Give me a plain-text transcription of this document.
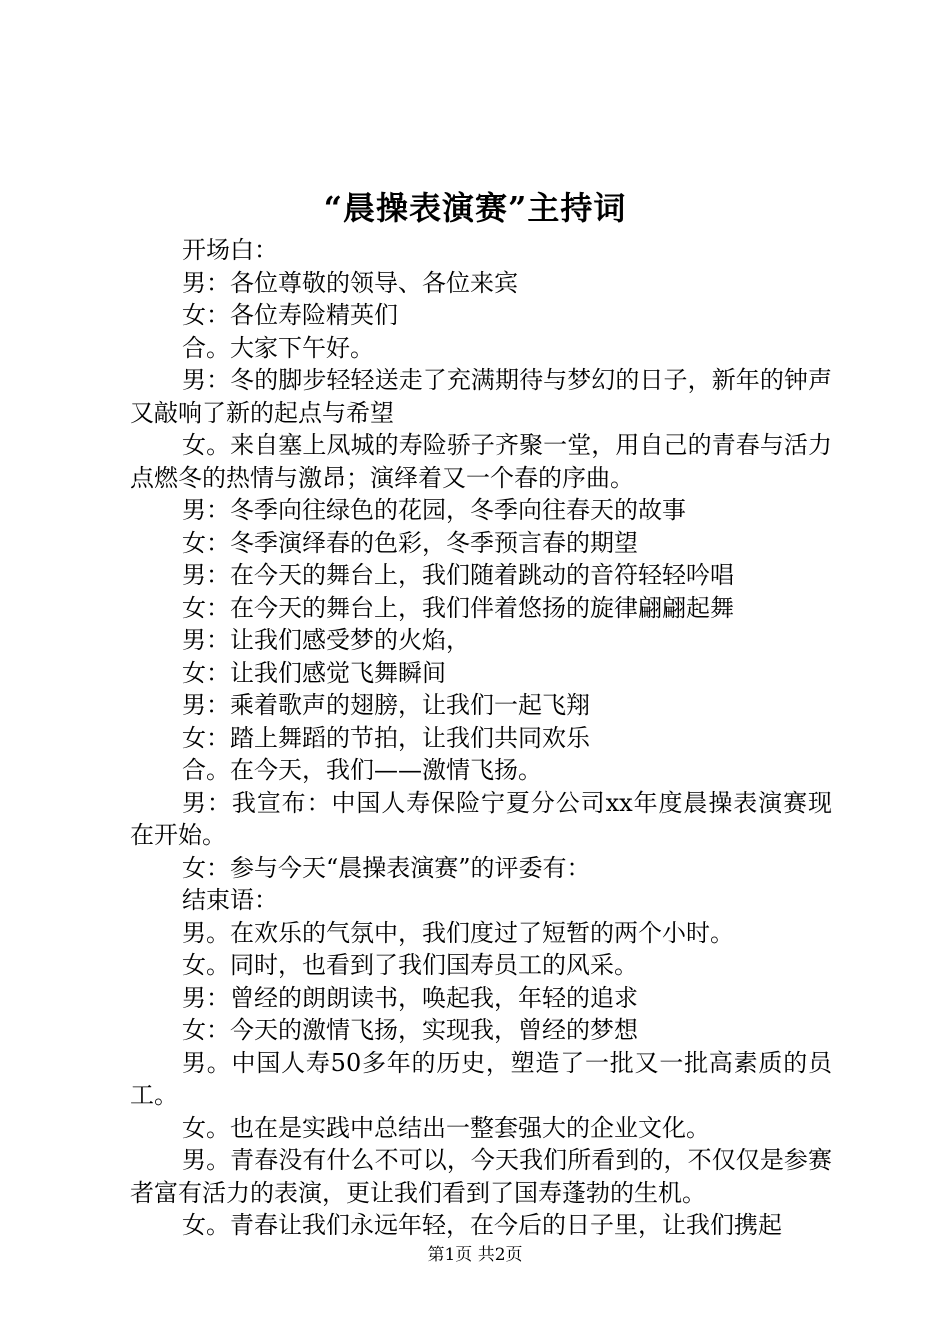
“晨操表演赛”主持词

开场白：

男：各位尊敬的领导、各位来宾

女：各位寿险精英们

合。大家下午好。

男：冬的脚步轻轻送走了充满期待与梦幻的日子，新年的钟声又敲响了新的起点与希望

女。来自塞上凤城的寿险骄子齐聚一堂，用自己的青春与活力点燃冬的热情与激昂；演绎着又一个春的序曲。

男：冬季向往绿色的花园，冬季向往春天的故事

女：冬季演绎春的色彩，冬季预言春的期望

男：在今天的舞台上，我们随着跳动的音符轻轻吟唱

女：在今天的舞台上，我们伴着悠扬的旋律翩翩起舞

男：让我们感受梦的火焰，

女：让我们感觉飞舞瞬间

男：乘着歌声的翅膀，让我们一起飞翔

女：踏上舞蹈的节拍，让我们共同欢乐

合。在今天，我们——激情飞扬。

男：我宣布：中国人寿保险宁夏分公司xx年度晨操表演赛现在开始。

女：参与今天“晨操表演赛”的评委有：

结束语：

男。在欢乐的气氛中，我们度过了短暂的两个小时。

女。同时，也看到了我们国寿员工的风采。

男：曾经的朗朗读书，唤起我，年轻的追求

女：今天的激情飞扬，实现我，曾经的梦想

男。中国人寿50多年的历史，塑造了一批又一批高素质的员工。

女。也在是实践中总结出一整套强大的企业文化。

男。青春没有什么不可以，今天我们所看到的，不仅仅是参赛者富有活力的表演，更让我们看到了国寿蓬勃的生机。

女。青春让我们永远年轻，在今后的日子里，让我们携起

第1页 共2页
